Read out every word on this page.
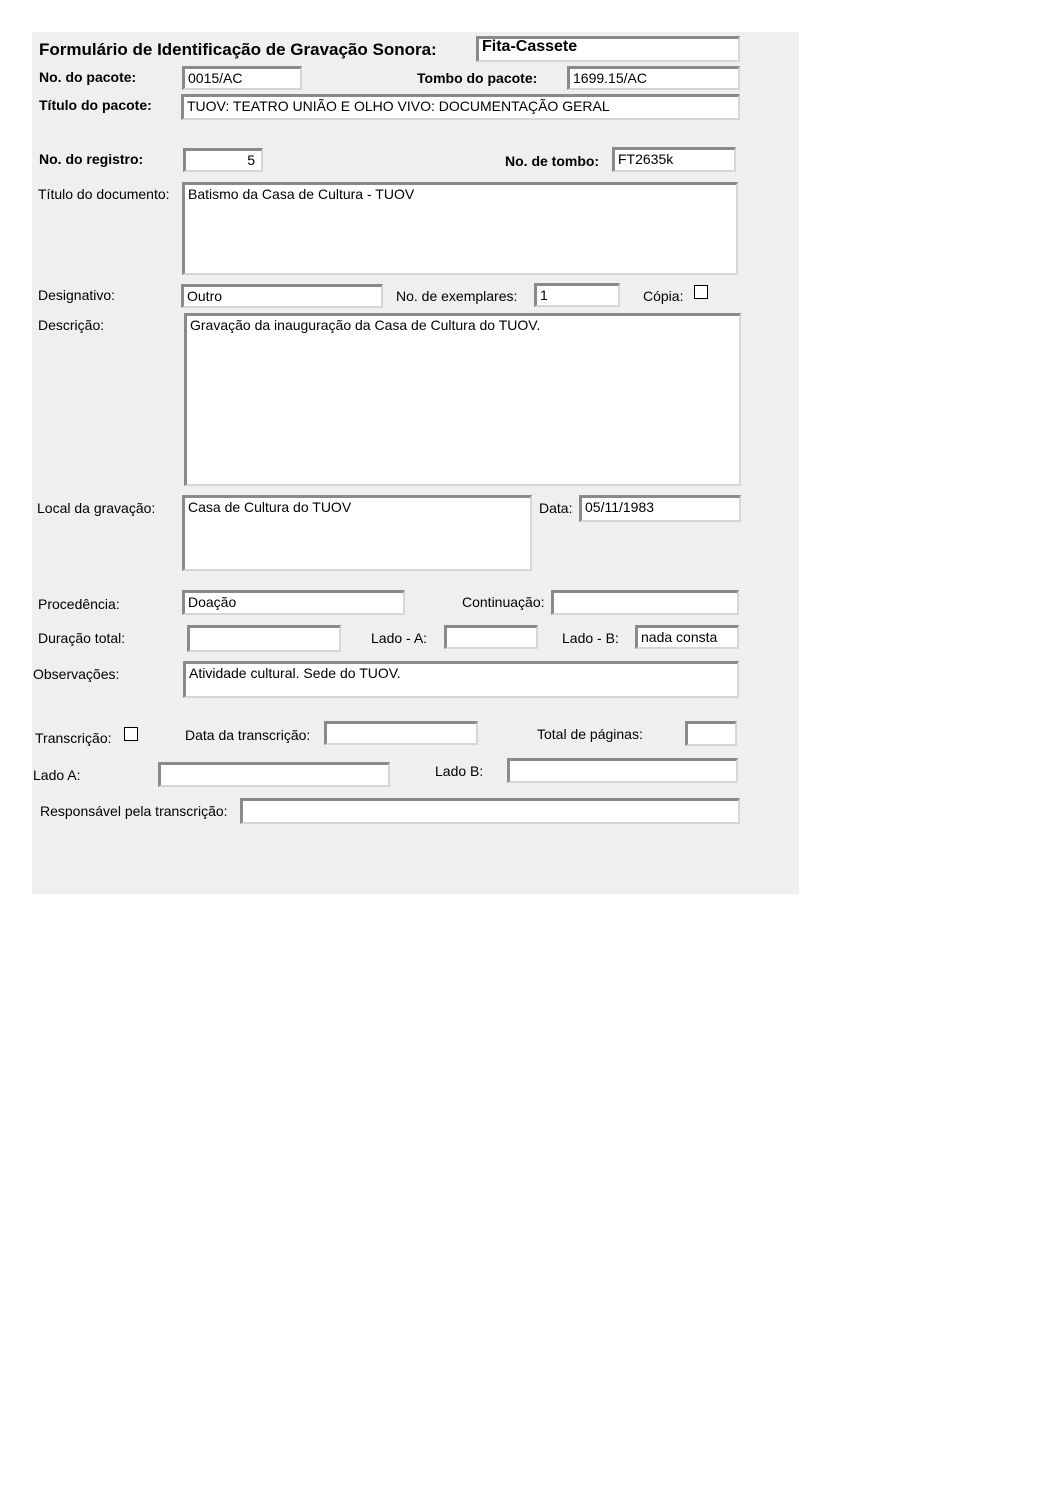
Formulário de Identificação de Gravação Sonora:	Fita-Cassete
No. do pacote:	0015/AC	Tombo do pacote:	1699.15/AC
Título do pacote:	TUOV: TEATRO UNIÃO E OLHO VIVO: DOCUMENTAÇÃO GERAL
No. do registro:	5	No. de tombo:	FT2635k
Título do documento:	Batismo da Casa de Cultura - TUOV
Designativo:	Outro	No. de exemplares:	1	Cópia:
Descrição:	Gravação da inauguração da Casa de Cultura do TUOV.
Local da gravação:	Casa de Cultura do TUOV	Data: 05/11/1983
Procedência:	Doação	Continuação:
Duração total:	Lado - A:	Lado - B:	nada consta
Observações:	Atividade cultural. Sede do TUOV.
Transcrição:	Data da transcrição:	Total de páginas:
Lado A:	Lado B:
Responsável pela transcrição:
